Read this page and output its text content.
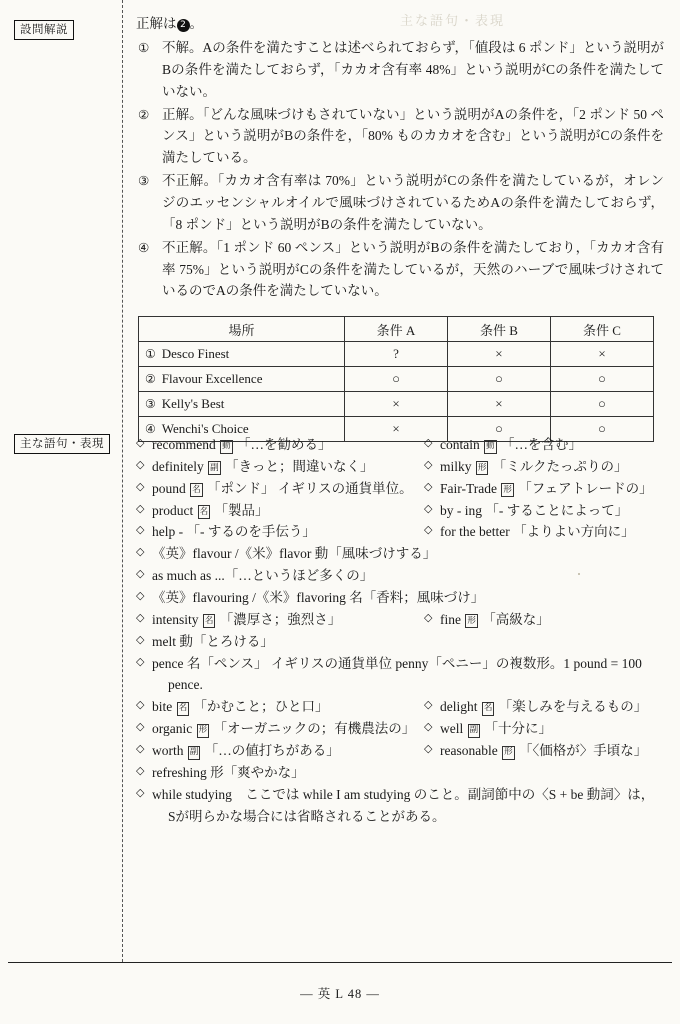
主な語句・表現
設問解説
主な語句・表現

正解は 2 。

① 不解。Aの条件を満たすことは述べられておらず，「値段は 6 ポンド」という説明がBの条件を満たしておらず，「カカオ含有率 48%」という説明がCの条件を満たしていない。
② 正解。「どんな風味づけもされていない」という説明がAの条件を，「2 ポンド 50 ペンス」という説明がBの条件を，「80% ものカカオを含む」という説明がCの条件を満たしている。
③ 不正解。「カカオ含有率は 70%」という説明がCの条件を満たしているが，オレンジのエッセンシャルオイルで風味づけされているためAの条件を満たしておらず，「8 ポンド」という説明がBの条件を満たしていない。
④ 不正解。「1 ポンド 60 ペンス」という説明がBの条件を満たしており，「カカオ含有率 75%」という説明がCの条件を満たしているが，天然のハーブで風味づけされているのでAの条件を満たしていない。
場所	条件 A	条件 B	条件 C
① Desco Finest	?	×	×
② Flavour Excellence	○	○	○
③ Kelly's Best	×	×	○
④ Wenchi's Choice	×	○	○
◇ recommend 動 「…を勧める」	◇ contain 動 「…を含む」
◇ definitely 副 「きっと；間違いなく」	◇ milky 形 「ミルクたっぷりの」
◇ pound 名 「ポンド」 イギリスの通貨単位。	◇ Fair-Trade 形 「フェアトレードの」
◇ product 名 「製品」	◇ by - ing 「- することによって」
◇ help - 「- するのを手伝う」	◇ for the better 「よりよい方向に」
◇ 《英》flavour /《米》flavor 動「風味づけする」
◇ as much as ...「…というほど多くの」
◇ 《英》flavouring /《米》flavoring 名「香料；風味づけ」
◇ intensity 名 「濃厚さ；強烈さ」	◇ fine 形 「高級な」
◇ melt 動「とろける」
◇ pence 名「ペンス」 イギリスの通貨単位 penny「ペニー」の複数形。1 pound = 100
pence.
◇ bite 名 「かむこと；ひと口」	◇ delight 名 「楽しみを与えるもの」
◇ organic 形 「オーガニックの；有機農法の」 ◇ well 副 「十分に」
◇ worth 副 「…の値打ちがある」	◇ reasonable 形 「〈価格が〉手頃な」
◇ refreshing 形「爽やかな」
◇ while studying　ここでは while I am studying のこと。副詞節中の〈S + be 動詞〉は，
Sが明らかな場合には省略されることがある。
— 英 L 48 —
